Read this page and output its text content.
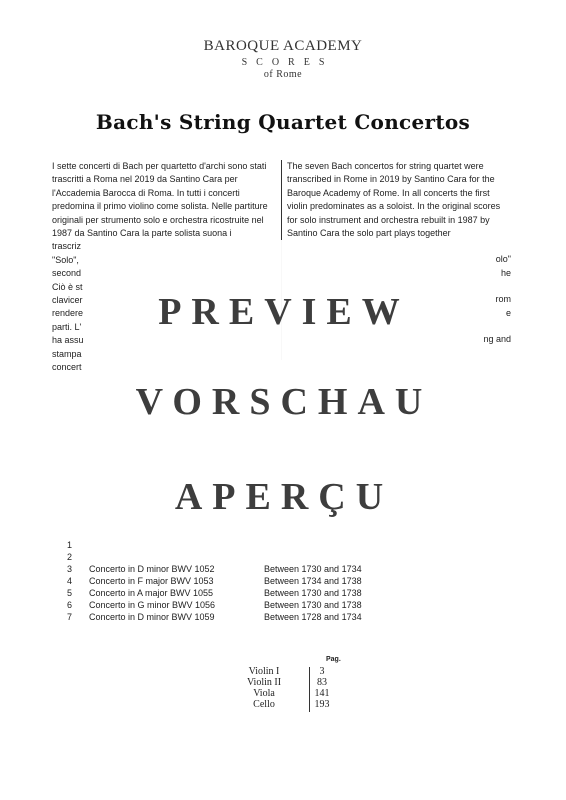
BAROQUE ACADEMY
SCORES
of Rome
Bach's String Quartet Concertos
I sette concerti di Bach per quartetto d'archi sono stati trascritti a Roma nel 2019 da Santino Cara per l'Accademia Barocca di Roma. In tutti i concerti predomina il primo violino come solista. Nelle partiture originali per strumento solo e orchestra ricostruite nel 1987 da Santino Cara la parte solista suona i
trascriz
"Solo",
second
Ciò è st
clavicer
rendere
parti. L'
ha assu
stampa
concert
The seven Bach concertos for string quartet were transcribed in Rome in 2019 by Santino Cara for the Baroque Academy of Rome. In all concerts the first violin predominates as a soloist. In the original scores for solo instrument and orchestra rebuilt in 1987 by Santino Cara the solo part plays together
olo"
he
rom
e
ng and
1
2
3	Concerto in D minor BWV 1052	Between 1730 and 1734
4	Concerto in F major BWV 1053	Between 1734 and 1738
5	Concerto in A major BWV 1055	Between 1730 and 1738
6	Concerto in G minor BWV 1056	Between 1730 and 1738
7	Concerto in D minor BWV 1059	Between 1728 and 1734
Pag.
Violin I	3
Violin II	83
Viola	141
Cello	193
PREVIEW
VORSCHAU
APERÇU
